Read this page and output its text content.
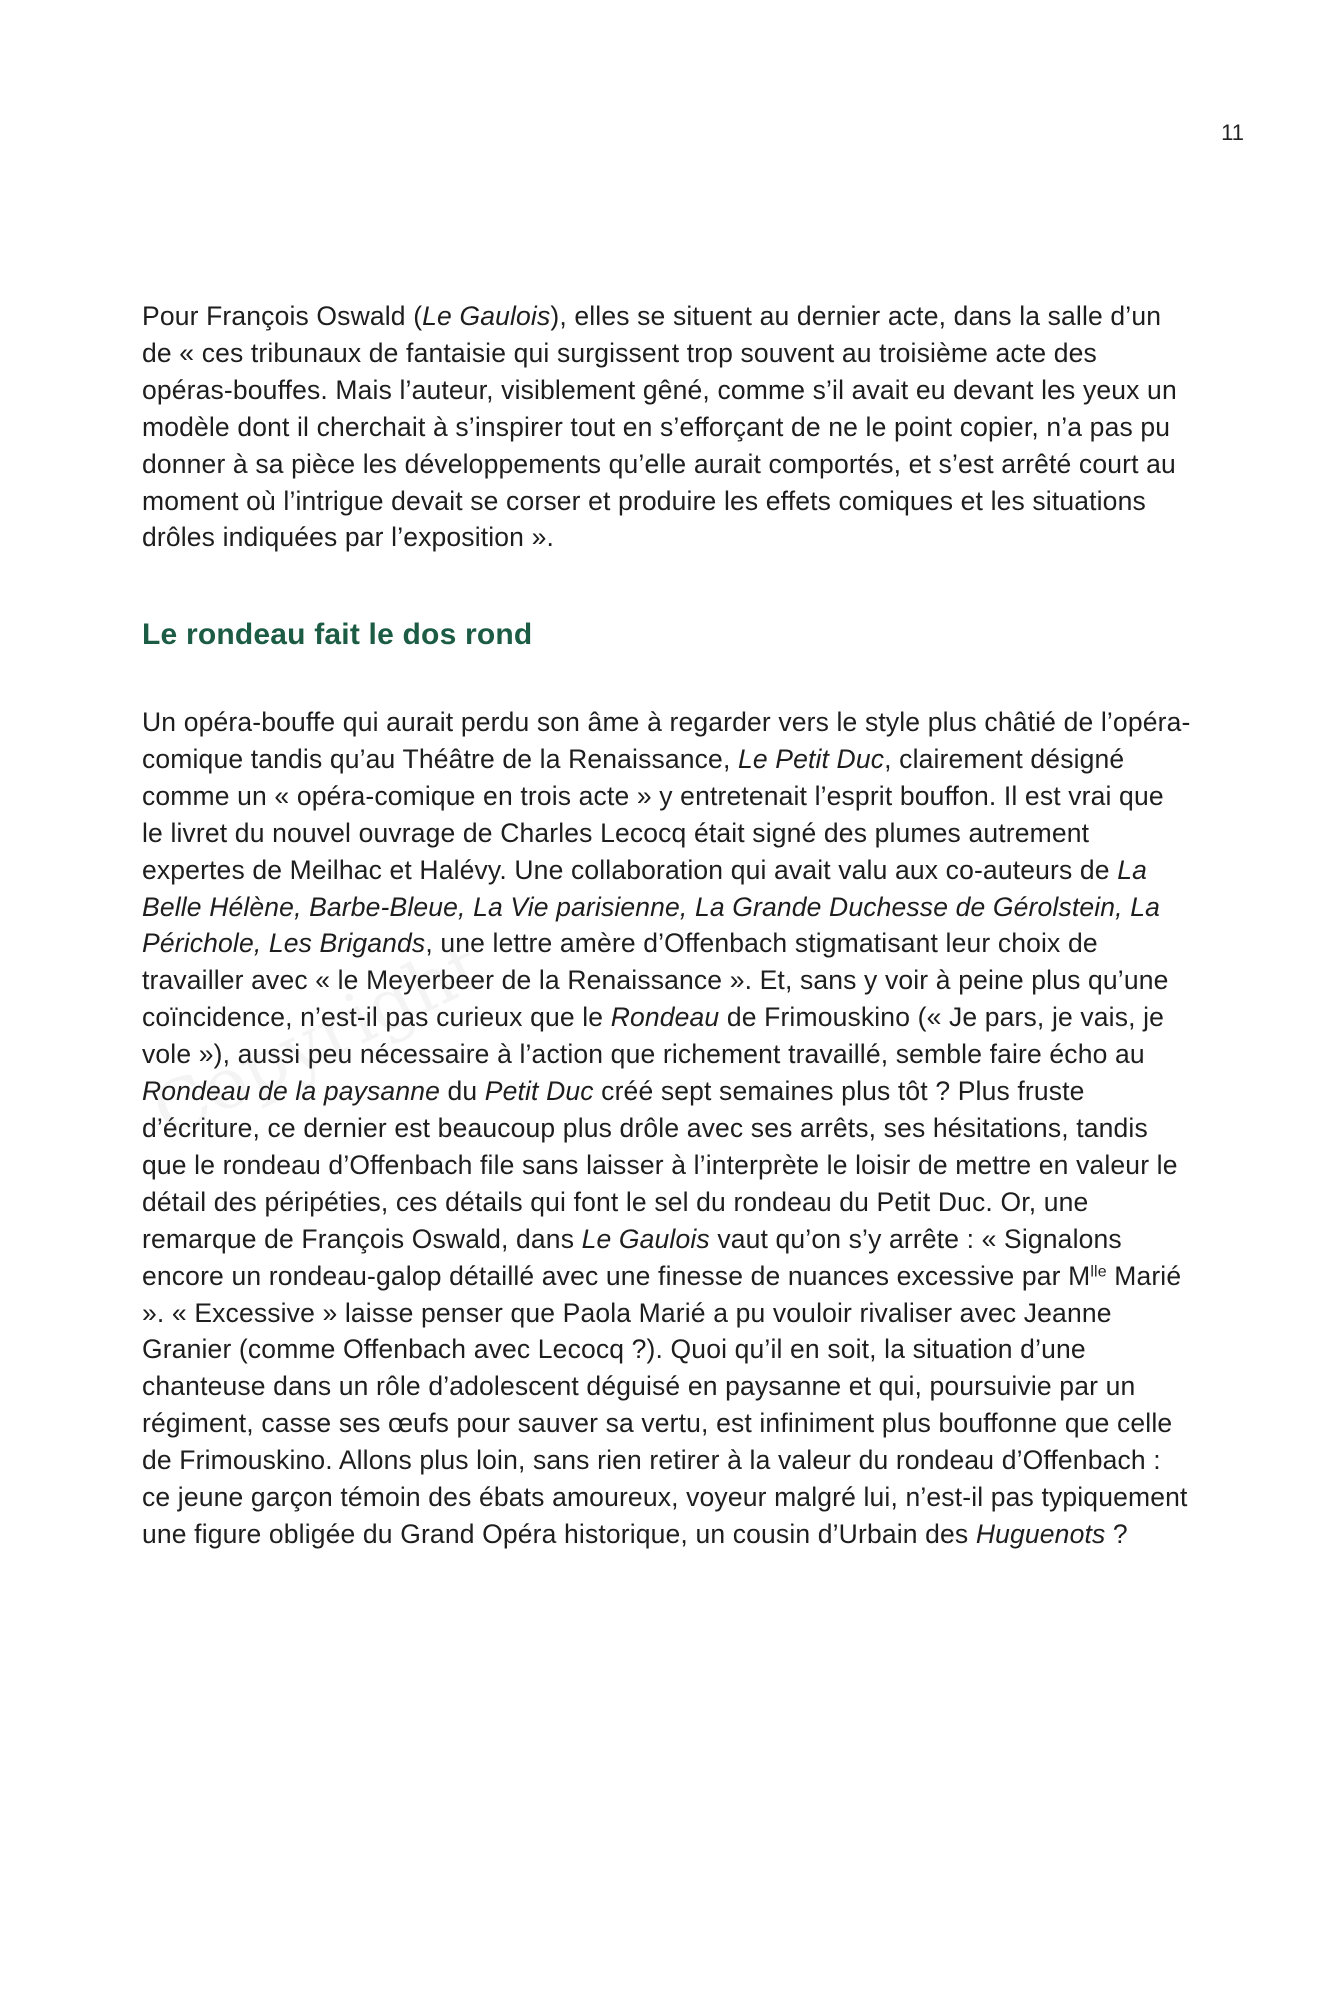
11

Pour François Oswald (Le Gaulois), elles se situent au dernier acte, dans la salle d’un de « ces tribunaux de fantaisie qui surgissent trop souvent au troisième acte des opéras-bouffes. Mais l’auteur, visiblement gêné, comme s’il avait eu devant les yeux un modèle dont il cherchait à s’inspirer tout en s’efforçant de ne le point copier, n’a pas pu donner à sa pièce les développements qu’elle aurait comportés, et s’est arrêté court au moment où l’intrigue devait se corser et produire les effets comiques et les situations drôles indiquées par l’exposition ».

Le rondeau fait le dos rond

Un opéra-bouffe qui aurait perdu son âme à regarder vers le style plus châtié de l’opéra-comique tandis qu’au Théâtre de la Renaissance, Le Petit Duc, clairement désigné comme un « opéra-comique en trois acte » y entretenait l’esprit bouffon. Il est vrai que le livret du nouvel ouvrage de Charles Lecocq était signé des plumes autrement expertes de Meilhac et Halévy. Une collaboration qui avait valu aux co-auteurs de La Belle Hélène, Barbe-Bleue, La Vie parisienne, La Grande Duchesse de Gérolstein, La Périchole, Les Brigands, une lettre amère d’Offenbach stigmatisant leur choix de travailler avec « le Meyerbeer de la Renaissance ». Et, sans y voir à peine plus qu’une coïncidence, n’est-il pas curieux que le Rondeau de Frimouskino (« Je pars, je vais, je vole »), aussi peu nécessaire à l’action que richement travaillé, semble faire écho au Rondeau de la paysanne du Petit Duc créé sept semaines plus tôt ? Plus fruste d’écriture, ce dernier est beaucoup plus drôle avec ses arrêts, ses hésitations, tandis que le rondeau d’Offenbach file sans laisser à l’interprète le loisir de mettre en valeur le détail des péripéties, ces détails qui font le sel du rondeau du Petit Duc. Or, une remarque de François Oswald, dans Le Gaulois vaut qu’on s’y arrête : « Signalons encore un rondeau-galop détaillé avec une finesse de nuances excessive par $M^{lle}$ Marié ». « Excessive » laisse penser que Paola Marié a pu vouloir rivaliser avec Jeanne Granier (comme Offenbach avec Lecocq ?). Quoi qu’il en soit, la situation d’une chanteuse dans un rôle d’adolescent déguisé en paysanne et qui, poursuivie par un régiment, casse ses œufs pour sauver sa vertu, est infiniment plus bouffonne que celle de Frimouskino. Allons plus loin, sans rien retirer à la valeur du rondeau d’Offenbach : ce jeune garçon témoin des ébats amoureux, voyeur malgré lui, n’est-il pas typiquement une figure obligée du Grand Opéra historique, un cousin d’Urbain des Huguenots ?
